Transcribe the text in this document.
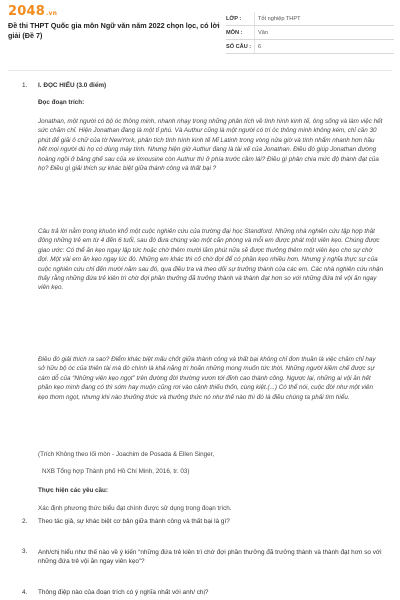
2048.vn
Đề thi THPT Quốc gia môn Ngữ văn năm 2022 chọn lọc, có lời giải (Đề 7)
LỚP :	Tốt nghiệp THPT
MÔN :	Văn
SỐ CÂU :	6
1.	I. ĐỌC HIỂU (3.0 điểm)
Đọc đoạn trích:
Jonathan, một người có bộ óc thông minh, nhanh nhạy trong những phân tích về tình hình kinh tế, ông sống và làm việc hết sức chăm chỉ. Hiện Jonathan đang là một tỉ phú. Và Authur cũng là một người có trí óc thông minh không kém, chỉ cần 30 phút để giải ô chữ của tờ NewYork, phân tích tình hình kinh tế Mĩ Latinh trong vòng nửa giờ và tính nhẩm nhanh hơn hầu hết mọi người dù họ có dùng máy tính. Nhưng hiện giờ Authur đang là tài xế của Jonathan. Điều đó giúp Jonathan đường hoàng ngồi ở băng ghế sau của xe limousine còn Authur thì ở phía trước cầm lái? Điều gì phân chia mức độ thành đạt của họ? Điều gì giải thích sự khác biệt giữa thành công và thất bại ?
Câu trả lời nằm trong khuôn khổ một cuộc nghiên cứu của trường đại học Standford. Những nhà nghiên cứu tập hợp thật đông những trẻ em từ 4 đến 6 tuổi, sau đó đưa chúng vào một căn phòng và mỗi em được phát một viên kẹo. Chúng được giao ước: Có thể ăn kẹo ngay lập tức hoặc chờ thêm mười lăm phút nữa sẽ được thưởng thêm một viên kẹo cho sự chờ đợi. Một vài em ăn kẹo ngay lúc đó. Những em khác thì cố chờ đợi để có phần kẹo nhiều hơn. Nhưng ý nghĩa thực sự của cuộc nghiên cứu chỉ đến mười năm sau đó, qua điều tra và theo dõi sự trưởng thành của các em. Các nhà nghiên cứu nhận thấy rằng những đứa trẻ kiên trì chờ đợi phần thưởng đã trưởng thành và thành đạt hơn so với những đứa trẻ vội ăn ngay viên kẹo.
Điều đó giải thích ra sao? Điểm khác biệt mấu chốt giữa thành công và thất bại không chỉ đơn thuần là việc chăm chỉ hay sở hữu bộ óc của thiên tài mà đó chính là khả năng trì hoãn những mong muốn tức thời. Những người kiềm chế được sự cám dỗ của “Những viên kẹo ngọt” trên đường đời thường vươn tới đỉnh cao thành công. Ngược lại, những ai vội ăn hết phần kẹo mình đang có thì sớm hay muộn cũng rơi vào cảnh thiếu thốn, cùng kiệt.(...) Có thể nói, cuộc đời như một viên kẹo thơm ngọt, nhưng khi nào thưởng thức và thưởng thức nó như thế nào thì đó là điều chúng ta phải tìm hiểu.
(Trích Không theo lối mòn - Joachim de Posada & Ellen Singer,
NXB Tổng hợp Thành phố Hồ Chí Minh, 2016, tr. 03)
Thực hiện các yêu cầu:
Xác định phương thức biểu đạt chính được sử dụng trong đoạn trích.
2.	Theo tác giả, sự khác biệt cơ bản giữa thành công và thất bại là gì?
3.	Anh/chị hiểu như thế nào về ý kiến “những đứa trẻ kiên trì chờ đợi phần thưởng đã trưởng thành và thành đạt hơn so với những đứa trẻ vội ăn ngay viên kẹo”?
4.	Thông điệp nào của đoạn trích có ý nghĩa nhất với anh/ chị?
